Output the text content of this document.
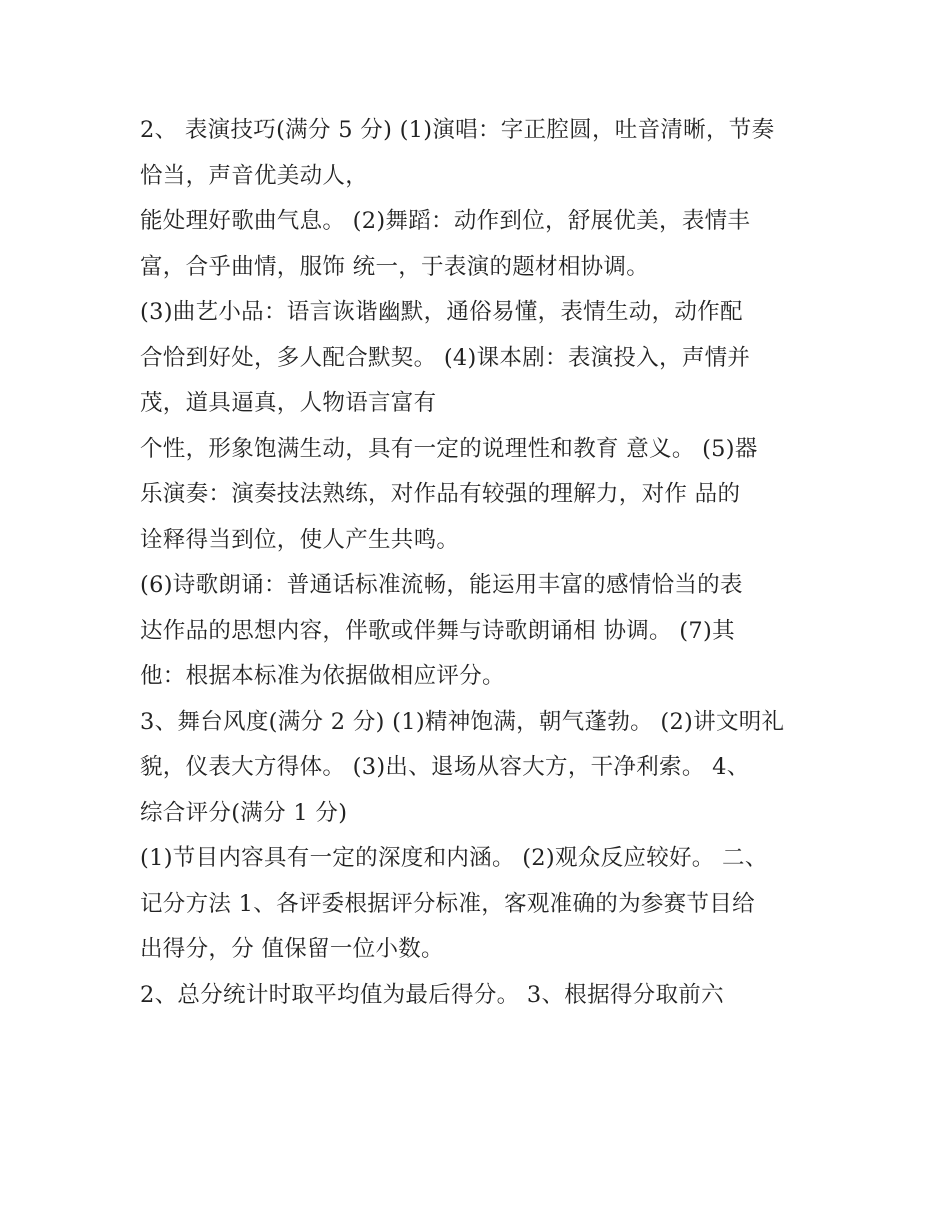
2、 表演技巧(满分 5 分) (1)演唱：字正腔圆，吐音清晰，节奏
恰当，声音优美动人，
能处理好歌曲气息。 (2)舞蹈：动作到位，舒展优美，表情丰
富，合乎曲情，服饰 统一，于表演的题材相协调。
(3)曲艺小品：语言诙谐幽默，通俗易懂，表情生动，动作配
合恰到好处，多人配合默契。 (4)课本剧：表演投入，声情并
茂，道具逼真，人物语言富有
个性，形象饱满生动，具有一定的说理性和教育 意义。 (5)器
乐演奏：演奏技法熟练，对作品有较强的理解力，对作 品的
诠释得当到位，使人产生共鸣。
(6)诗歌朗诵：普通话标准流畅，能运用丰富的感情恰当的表
达作品的思想内容，伴歌或伴舞与诗歌朗诵相 协调。 (7)其
他：根据本标准为依据做相应评分。
3、舞台风度(满分 2 分) (1)精神饱满，朝气蓬勃。 (2)讲文明礼
貌，仪表大方得体。 (3)出、退场从容大方，干净利索。 4、
综合评分(满分 1 分)
(1)节目内容具有一定的深度和内涵。 (2)观众反应较好。 二、
记分方法 1、各评委根据评分标准，客观准确的为参赛节目给
出得分，分 值保留一位小数。
2、总分统计时取平均值为最后得分。 3、根据得分取前六
